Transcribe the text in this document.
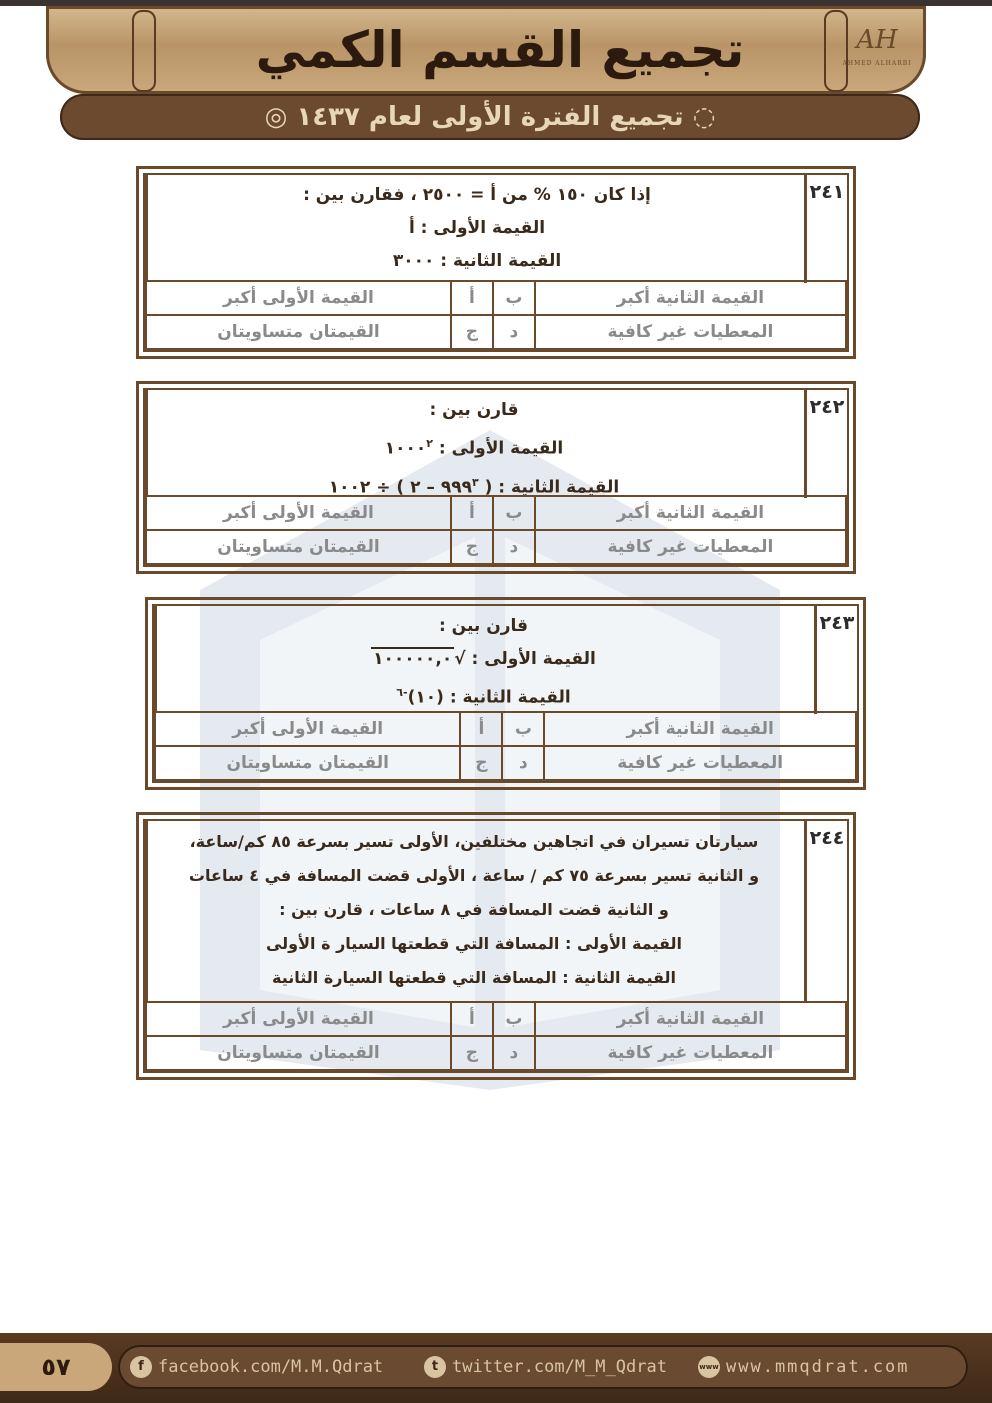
تجميع القسم الكمي	AH
AHMED ALHARBI
◌ تجميع الفترة الأولى لعام ١٤٣٧ ◎
٢٤١
إذا كان ١٥٠ % من أ = ٢٥٠٠ ، فقارن بين :
القيمة الأولى : أ
القيمة الثانية : ٣٠٠٠
القيمة الأولى أكبر	أ	ب	القيمة الثانية أكبر
القيمتان متساويتان	ج	د	المعطيات غير كافية
٢٤٢
قارن بين :
القيمة الأولى : ١٠٠٠$^٢$
القيمة الثانية : ( $٩٩٩^٣$ – ٢ ) ÷ ١٠٠٢
القيمة الأولى أكبر	أ	ب	القيمة الثانية أكبر
القيمتان متساويتان	ج	د	المعطيات غير كافية
٢٤٣
قارن بين :
القيمة الأولى : √١٠٠٠٠٠,٠
القيمة الثانية : (١٠)$^{-٦}$
القيمة الأولى أكبر	أ	ب	القيمة الثانية أكبر
القيمتان متساويتان	ج	د	المعطيات غير كافية
٢٤٤
سيارتان تسيران في اتجاهين مختلفين، الأولى تسير بسرعة ٨٥ كم/ساعة،
و الثانية تسير بسرعة ٧٥ كم / ساعة ، الأولى قضت المسافة في ٤ ساعات
و الثانية قضت المسافة في ٨ ساعات ، قارن بين :
القيمة الأولى : المسافة التي قطعتها السيار ة الأولى
القيمة الثانية : المسافة التي قطعتها السيارة الثانية
القيمة الأولى أكبر	أ	ب	القيمة الثانية أكبر
القيمتان متساويتان	ج	د	المعطيات غير كافية
٥٧	f facebook.com/M.M.Qdrat	t twitter.com/M_M_Qdrat	www www.mmqdrat.com
